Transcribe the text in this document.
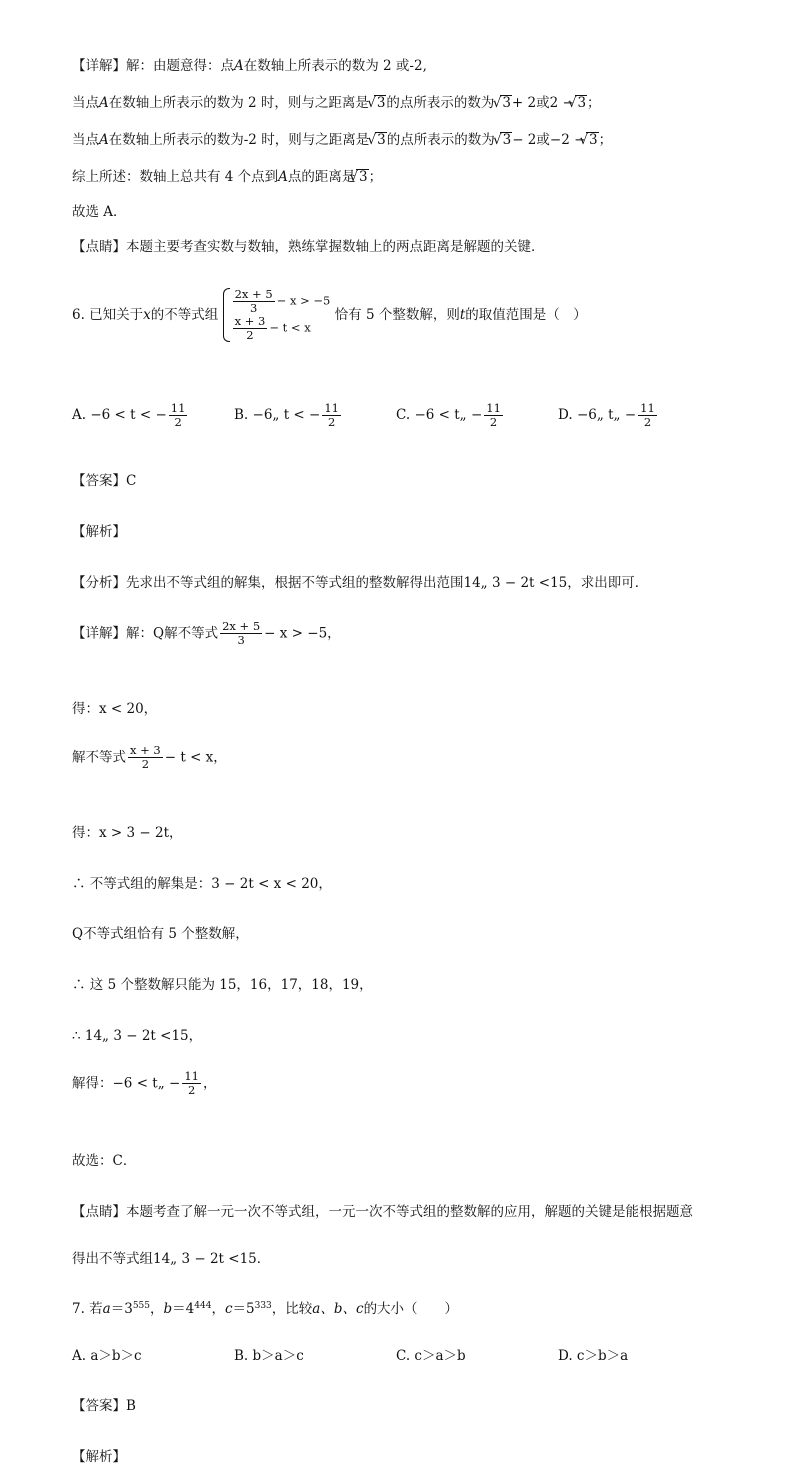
【详解】解：由题意得：点A在数轴上所表示的数为 2 或-2,
当点A在数轴上所表示的数为 2 时，则与之距离是 √ 3的点所表示的数为 √ 3+ 2或2 − √ 3；
当点A在数轴上所表示的数为-2 时，则与之距离是 √ 3的点所表示的数为 √ 3− 2或−2 − √ 3；
综上所述：数轴上总共有 4 个点到A点的距离是 √ 3；
故选 A．
【点睛】本题主要考查实数与数轴，熟练掌握数轴上的两点距离是解题的关键．
6. 已知关于x的不等式组 $\frac{2x + 5}{3} - x > -5$
$\frac{x + 3}{2} - t < x$
恰有 5 个整数解，则t的取值范围是（　）
A. −6 < t < − $\frac{11}{2}$	B. −6„ t < − $\frac{11}{2}$	C. −6 < t„ − $\frac{11}{2}$	D. −6„ t„ − $\frac{11}{2}$
【答案】C
【解析】
【分析】先求出不等式组的解集，根据不等式组的整数解得出范围14„ 3 − 2t <15，求出即可．
【详解】解：Q解不等式 $\frac{2x + 5}{3} - x > -5$，
得：x < 20，
解不等式 $\frac{x + 3}{2} - t < x$，
得：x > 3 − 2t，
∴ 不等式组的解集是：3 − 2t < x < 20，
Q不等式组恰有 5 个整数解，
∴ 这 5 个整数解只能为 15，16，17，18，19，
∴ 14„ 3 − 2t <15，
解得：−6 < t„ − $\frac{11}{2}$ ，
故选：C．
【点睛】本题考查了解一元一次不等式组，一元一次不等式组的整数解的应用，解题的关键是能根据题意
得出不等式组14„ 3 − 2t <15．
7. 若$a=3^{555}$，$b=4^{444}$，$c=5^{333}$，比较a、b、c的大小（　　）
A. a＞b＞c	B. b＞a＞c	C. c＞a＞b	D. c＞b＞a
【答案】B
【解析】
